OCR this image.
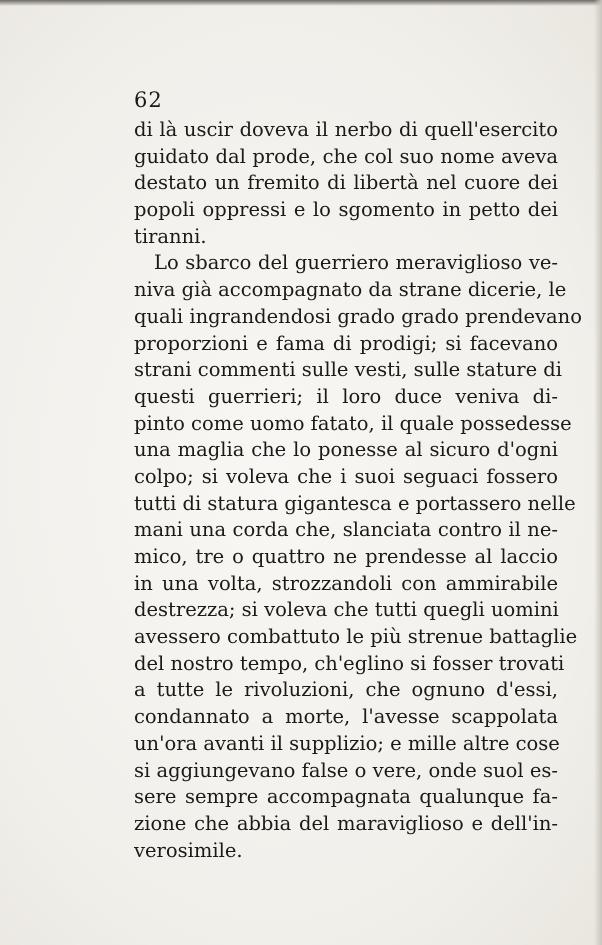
62
di là uscir doveva il nerbo di quell'esercito
guidato dal prode, che col suo nome aveva
destato un fremito di libertà nel cuore dei
popoli oppressi e lo sgomento in petto dei
tiranni.
Lo sbarco del guerriero meraviglioso ve-
niva già accompagnato da strane dicerie, le
quali ingrandendosi grado grado prendevano
proporzioni e fama di prodigi; si facevano
strani commenti sulle vesti, sulle stature di
questi guerrieri; il loro duce veniva di-
pinto come uomo fatato, il quale possedesse
una maglia che lo ponesse al sicuro d'ogni
colpo; si voleva che i suoi seguaci fossero
tutti di statura gigantesca e portassero nelle
mani una corda che, slanciata contro il ne-
mico, tre o quattro ne prendesse al laccio
in una volta, strozzandoli con ammirabile
destrezza; si voleva che tutti quegli uomini
avessero combattuto le più strenue battaglie
del nostro tempo, ch'eglino si fosser trovati
a tutte le rivoluzioni, che ognuno d'essi,
condannato a morte, l'avesse scappolata
un'ora avanti il supplizio; e mille altre cose
si aggiungevano false o vere, onde suol es-
sere sempre accompagnata qualunque fa-
zione che abbia del maraviglioso e dell'in-
verosimile.
